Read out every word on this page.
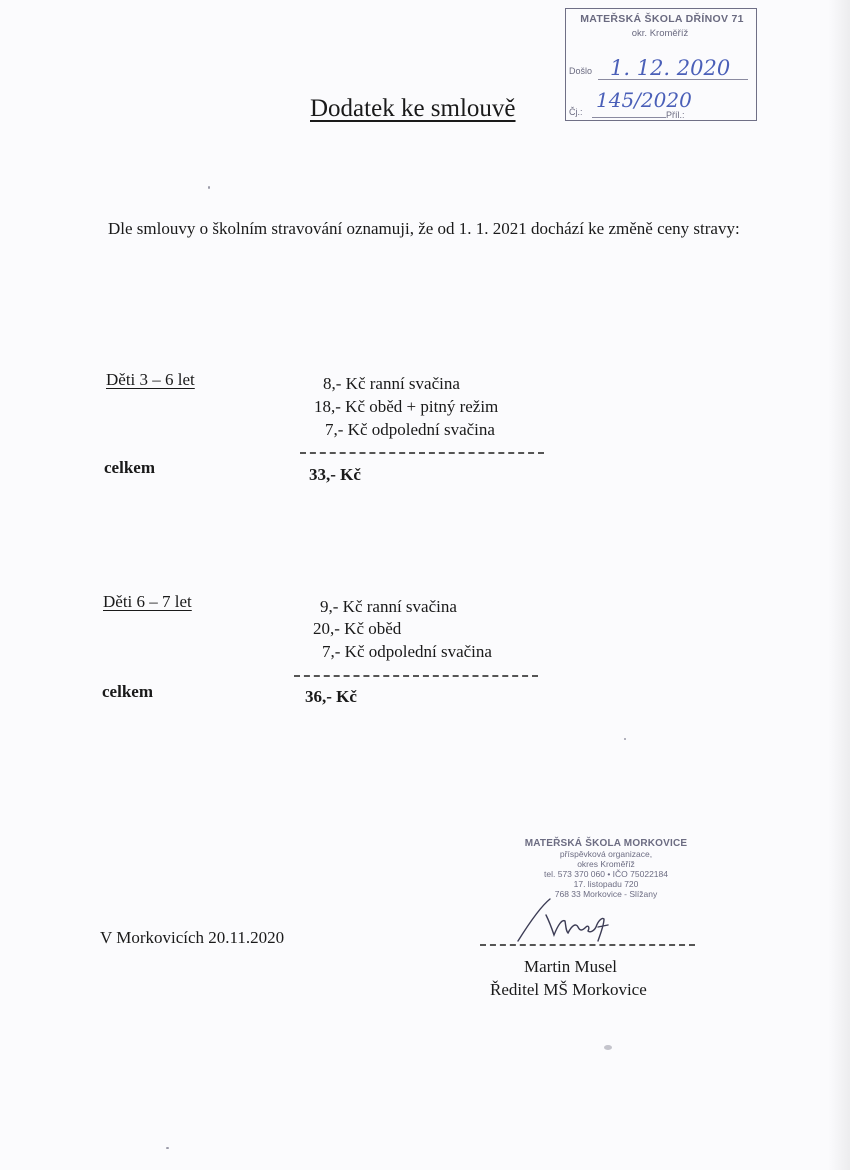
MATEŘSKÁ ŠKOLA DŘÍNOV 71
okr. Kroměříž
Došlo 1. 12. 2020
Čj.: 145/2020
Příl.:
Dodatek ke smlouvě
Dle smlouvy o školním stravování oznamuji, že od 1. 1. 2021 dochází ke změně ceny stravy:
Děti 3 – 6 let	8,- Kč ranní svačina
18,- Kč oběd + pitný režim
7,- Kč odpolední svačina
celkem	33,- Kč
Děti 6 – 7 let	9,- Kč ranní svačina
20,- Kč oběd
7,- Kč odpolední svačina
celkem	36,- Kč
V Morkovicích 20.11.2020
MATEŘSKÁ ŠKOLA MORKOVICE
příspěvková organizace,
okres Kroměříž
tel. 573 370 060 • IČO 75022184
17. listopadu 720
768 33 Morkovice - Slížany
Martin Musel
Ředitel MŠ Morkovice
